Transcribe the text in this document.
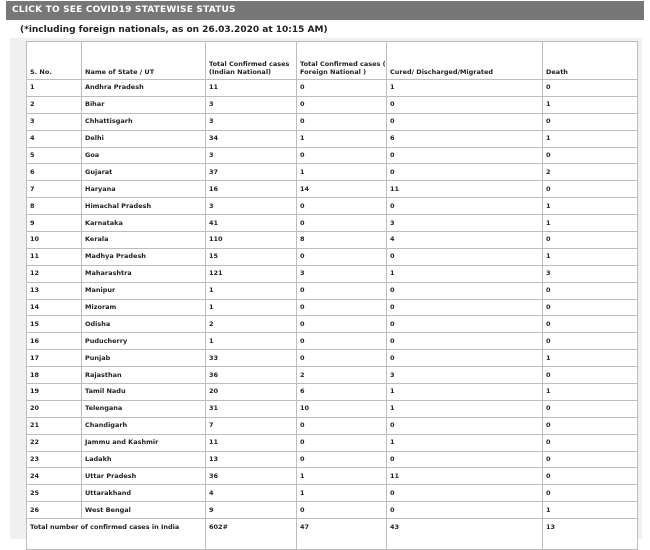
CLICK TO SEE COVID19 STATEWISE STATUS
(*including foreign nationals, as on 26.03.2020 at 10:15 AM)
S. No.	Name of State / UT	Total Confirmed cases (Indian National)	Total Confirmed cases ( Foreign National )	Cured/ Discharged/Migrated	Death
1	Andhra Pradesh	11	0	1	0
2	Bihar	3	0	0	1
3	Chhattisgarh	3	0	0	0
4	Delhi	34	1	6	1
5	Goa	3	0	0	0
6	Gujarat	37	1	0	2
7	Haryana	16	14	11	0
8	Himachal Pradesh	3	0	0	1
9	Karnataka	41	0	3	1
10	Kerala	110	8	4	0
11	Madhya Pradesh	15	0	0	1
12	Maharashtra	121	3	1	3
13	Manipur	1	0	0	0
14	Mizoram	1	0	0	0
15	Odisha	2	0	0	0
16	Puducherry	1	0	0	0
17	Punjab	33	0	0	1
18	Rajasthan	36	2	3	0
19	Tamil Nadu	20	6	1	1
20	Telengana	31	10	1	0
21	Chandigarh	7	0	0	0
22	Jammu and Kashmir	11	0	1	0
23	Ladakh	13	0	0	0
24	Uttar Pradesh	36	1	11	0
25	Uttarakhand	4	1	0	0
26	West Bengal	9	0	0	1
Total number of confirmed cases in India		602#	47	43	13
